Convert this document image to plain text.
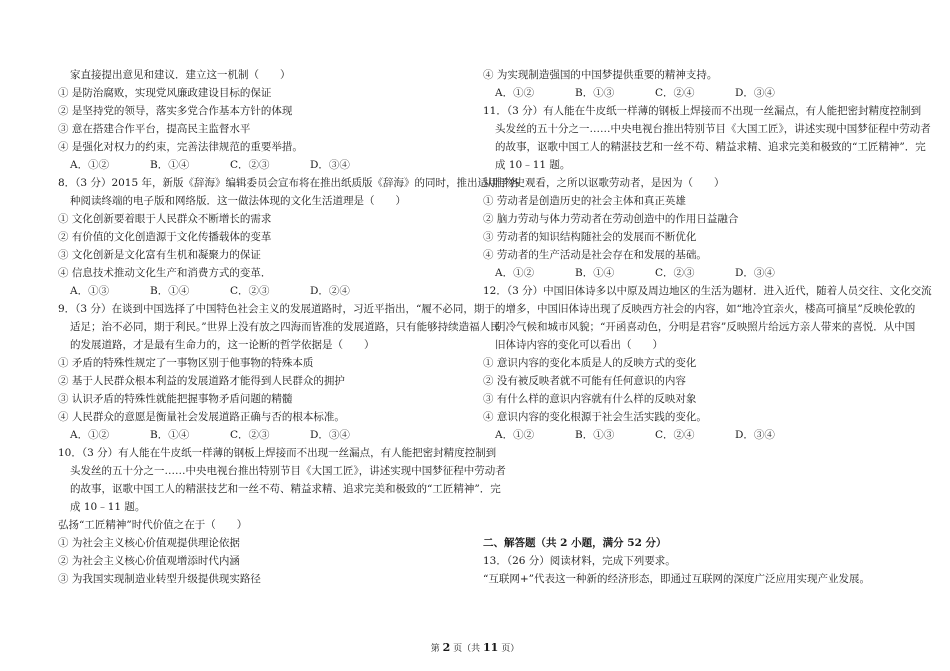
家直接提出意见和建议．建立这一机制（　　）
① 是防治腐败，实现党风廉政建设目标的保证
② 是坚持党的领导，落实多党合作基本方针的体现
③ 意在搭建合作平台，提高民主监督水平
④ 是强化对权力的约束，完善法律规范的重要举措。
A．①②	B．①④	C．②③	D．③④
8．（3 分）2015 年，新版《辞海》编辑委员会宣布将在推出纸质版《辞海》的同时，推出适用于各
种阅读终端的电子版和网络版．这一做法体现的文化生活道理是（　　）
① 文化创新要着眼于人民群众不断增长的需求
② 有价值的文化创造源于文化传播载体的变革
③ 文化创新是文化富有生机和凝聚力的保证
④ 信息技术推动文化生产和消费方式的变革．
A．①③	B．①④	C．②③	D．②④
9．（3 分）在谈到中国选择了中国特色社会主义的发展道路时，习近平指出，“履不必同，期于
适足；治不必同，期于利民。”世界上没有放之四海而皆准的发展道路，只有能够持续造福人民
的发展道路，才是最有生命力的，这一论断的哲学依据是（　　）
① 矛盾的特殊性规定了一事物区别于他事物的特殊本质
② 基于人民群众根本利益的发展道路才能得到人民群众的拥护
③ 认识矛盾的特殊性就能把握事物矛盾问题的精髓
④ 人民群众的意愿是衡量社会发展道路正确与否的根本标准。
A．①②	B．①④	C．②③	D．③④
10．（3 分）有人能在牛皮纸一样薄的钢板上焊接而不出现一丝漏点，有人能把密封精度控制到
头发丝的五十分之一……中央电视台推出特别节目《大国工匠》，讲述实现中国梦征程中劳动者
的故事，讴歌中国工人的精湛技艺和一丝不苟、精益求精、追求完美和极致的“工匠精神”．完
成 10﹣11 题。
弘扬“工匠精神”时代价值之在于（　　）
① 为社会主义核心价值观提供理论依据
② 为社会主义核心价值观增添时代内涵
③ 为我国实现制造业转型升级提供现实路径
④ 为实现制造强国的中国梦提供重要的精神支持。
A．①②	B．①③	C．②④	D．③④
11．（3 分）有人能在牛皮纸一样薄的钢板上焊接而不出现一丝漏点，有人能把密封精度控制到
头发丝的五十分之一……中央电视台推出特别节目《大国工匠》，讲述实现中国梦征程中劳动者
的故事，讴歌中国工人的精湛技艺和一丝不苟、精益求精、追求完美和极致的“工匠精神”．完
成 10﹣11 题。
从唯物史观看，之所以讴歌劳动者，是因为（　　）
① 劳动者是创造历史的社会主体和真正英雄
② 脑力劳动与体力劳动者在劳动创造中的作用日益融合
③ 劳动者的知识结构随社会的发展而不断优化
④ 劳动者的生产活动是社会存在和发展的基础。
A．①②	B．①④	C．②③	D．③④
12．（3 分）中国旧体诗多以中原及周边地区的生活为题材．进入近代，随着人员交往、文化交流
的增多，中国旧体诗出现了反映西方社会的内容，如“地冷宜亲火，楼高可摘星”反映伦敦的
阴冷气候和城市风貌；“开函喜动色，分明是君容”反映照片给远方亲人带来的喜悦．从中国
旧体诗内容的变化可以看出（　　）
① 意识内容的变化本质是人的反映方式的变化
② 没有被反映者就不可能有任何意识的内容
③ 有什么样的意识内容就有什么样的反映对象
④ 意识内容的变化根源于社会生活实践的变化。
A．①②	B．①③	C．②④	D．③④
二、解答题（共 2 小题，满分 52 分）
13．（26 分）阅读材料，完成下列要求。
“互联网+”代表这一种新的经济形态，即通过互联网的深度广泛应用实现产业发展。
第 2 页（共 11 页）
